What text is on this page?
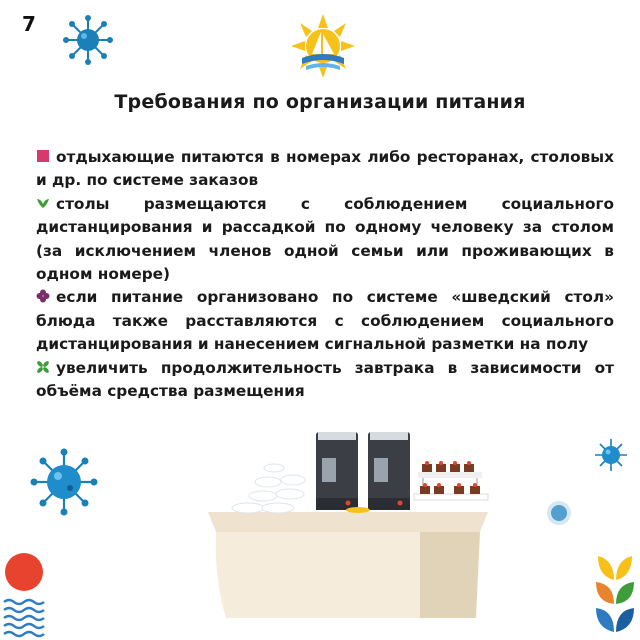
7
Требования по организации питания

отдыхающие питаются в номерах либо ресторанах, столовых и др. по системе заказов

столы размещаются с соблюдением социального дистанцирования и рассадкой по одному человеку за столом (за исключением членов одной семьи или проживающих в одном номере)

если питание организовано по системе «шведский стол» блюда также расставляются с соблюдением социального дистанцирования и нанесением сигнальной разметки на полу

увеличить продолжительность завтрака в зависимости от объёма средства размещения
